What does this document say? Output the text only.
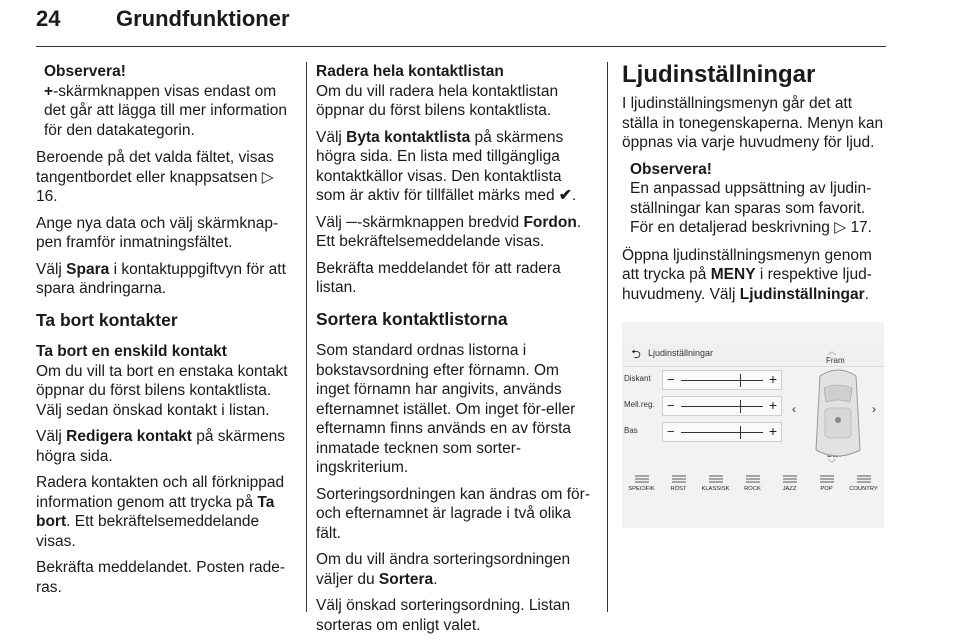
24	Grundfunktioner
Observera!
+-skärmknappen visas endast om det går att lägga till mer information för den datakategorin.

Beroende på det valda fältet, visas tangentbordet eller knappsatsen ▷ 16.

Ange nya data och välj skärmknap-pen framför inmatningsfältet.

Välj Spara i kontaktuppgiftvyn för att spara ändringarna.

Ta bort kontakter
Ta bort en enskild kontakt

Om du vill ta bort en enstaka kontakt öppnar du först bilens kontaktlista. Välj sedan önskad kontakt i listan.

Välj Redigera kontakt på skärmens högra sida.

Radera kontakten och all förknippad information genom att trycka på Ta bort. Ett bekräftelsemeddelande visas.

Bekräfta meddelandet. Posten rade-ras.

Radera hela kontaktlistan

Om du vill radera hela kontaktlistan öppnar du först bilens kontaktlista.

Välj Byta kontaktlista på skärmens högra sida. En lista med tillgängliga kontaktkällor visas. Den kontaktlista som är aktiv för tillfället märks med ✔.

Välj ─-skärmknappen bredvid Fordon. Ett bekräftelsemeddelande visas.

Bekräfta meddelandet för att radera listan.

Sortera kontaktlistorna

Som standard ordnas listorna i bokstavsordning efter förnamn. Om inget förnamn har angivits, används efternamnet istället. Om inget för-eller efternamn finns används en av första inmatade tecknen som sorter-ingskriterium.

Sorteringsordningen kan ändras om för- och efternamnet är lagrade i två olika fält.

Om du vill ändra sorteringsordningen väljer du Sortera.

Välj önskad sorteringsordning. Listan sorteras om enligt valet.

Ljudinställningar

I ljudinställningsmenyn går det att ställa in tonegenskaperna. Menyn kan öppnas via varje huvudmeny för ljud.

Observera!
En anpassad uppsättning av ljudin-ställningar kan sparas som favorit. För en detaljerad beskrivning ▷ 17.

Öppna ljudinställningsmenyn genom att trycka på MENY i respektive ljud-huvudmeny. Välj Ljudinställningar.

⮌ Ljudinställningar
Diskant −	+
Mell.reg. −	+
Bas −	+
︿
Fram
﹀
‹	›
SPECIFIK	RÖST	KLASSISK	ROCK	JAZZ	POP	COUNTRY
